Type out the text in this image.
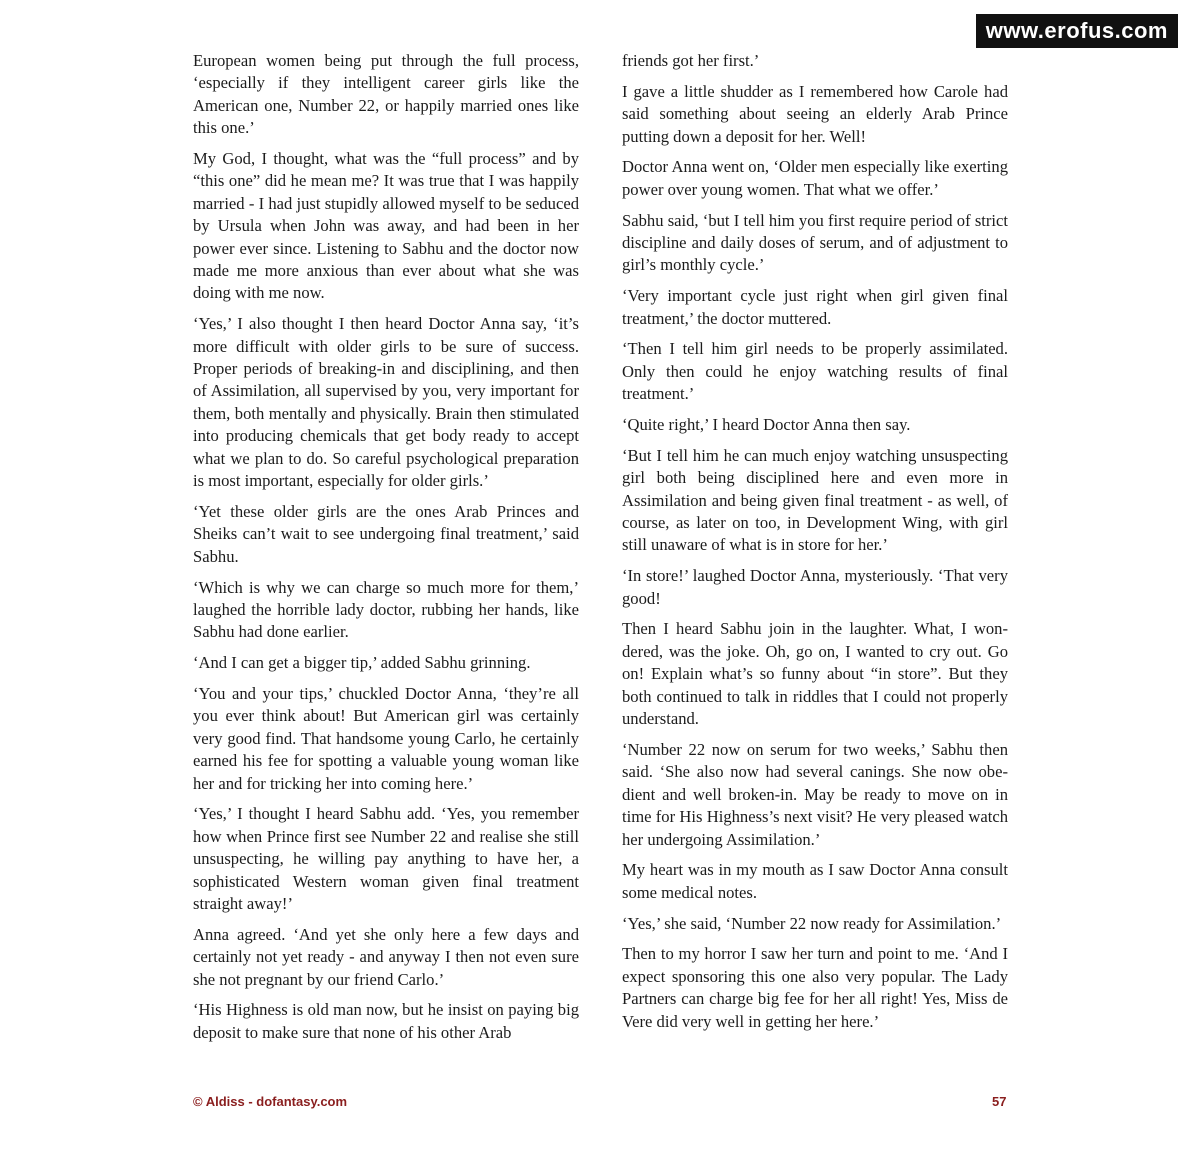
www.erofus.com

European women being put through the full process, ‘especially if they intelligent career girls like the American one, Number 22, or happily married ones like this one.’

My God, I thought, what was the “full process” and by “this one” did he mean me? It was true that I was happily married - I had just stupidly allowed myself to be seduced by Ursula when John was away, and had been in her power ever since. Listening to Sabhu and the doctor now made me more anxious than ever about what she was doing with me now.

‘Yes,’ I also thought I then heard Doctor Anna say, ‘it’s more difficult with older girls to be sure of success. Proper periods of breaking-in and disciplining, and then of Assimilation, all supervised by you, very important for them, both mentally and physically. Brain then stimulated into producing chemicals that get body ready to accept what we plan to do. So careful psychological preparation is most important, especially for older girls.’

‘Yet these older girls are the ones Arab Princes and Sheiks can’t wait to see undergoing final treatment,’ said Sabhu.

‘Which is why we can charge so much more for them,’ laughed the horrible lady doctor, rubbing her hands, like Sabhu had done earlier.

‘And I can get a bigger tip,’ added Sabhu grinning.

‘You and your tips,’ chuckled Doctor Anna, ‘they’re all you ever think about! But American girl was certainly very good find. That handsome young Carlo, he certainly earned his fee for spotting a valuable young woman like her and for tricking her into coming here.’

‘Yes,’ I thought I heard Sabhu add. ‘Yes, you remember how when Prince first see Number 22 and realise she still unsuspecting, he willing pay anything to have her, a sophisticated Western woman given final treatment straight away!’

Anna agreed. ‘And yet she only here a few days and certainly not yet ready - and anyway I then not even sure she not pregnant by our friend Carlo.’

‘His Highness is old man now, but he insist on paying big deposit to make sure that none of his other Arab

friends got her first.’

I gave a little shudder as I remembered how Carole had said something about seeing an elderly Arab Prince putting down a deposit for her. Well!

Doctor Anna went on, ‘Older men especially like exerting power over young women. That what we offer.’

Sabhu said, ‘but I tell him you first require period of strict discipline and daily doses of serum, and of adjustment to girl’s monthly cycle.’

‘Very important cycle just right when girl given final treatment,’ the doctor muttered.

‘Then I tell him girl needs to be properly assimilated. Only then could he enjoy watching results of final treatment.’

‘Quite right,’ I heard Doctor Anna then say.

‘But I tell him he can much enjoy watching unsuspecting girl both being disciplined here and even more in Assimilation and being given final treatment - as well, of course, as later on too, in Development Wing, with girl still unaware of what is in store for her.’

‘In store!’ laughed Doctor Anna, mysteriously. ‘That very good!

Then I heard Sabhu join in the laughter. What, I wondered, was the joke. Oh, go on, I wanted to cry out. Go on! Explain what’s so funny about “in store”. But they both continued to talk in riddles that I could not properly understand.

‘Number 22 now on serum for two weeks,’ Sabhu then said. ‘She also now had several canings. She now obedient and well broken-in. May be ready to move on in time for His Highness’s next visit? He very pleased watch her undergoing Assimilation.’

My heart was in my mouth as I saw Doctor Anna consult some medical notes.

‘Yes,’ she said, ‘Number 22 now ready for Assimilation.’

Then to my horror I saw her turn and point to me. ‘And I expect sponsoring this one also very popular. The Lady Partners can charge big fee for her all right! Yes, Miss de Vere did very well in getting her here.’

© Aldiss - dofantasy.com	57
